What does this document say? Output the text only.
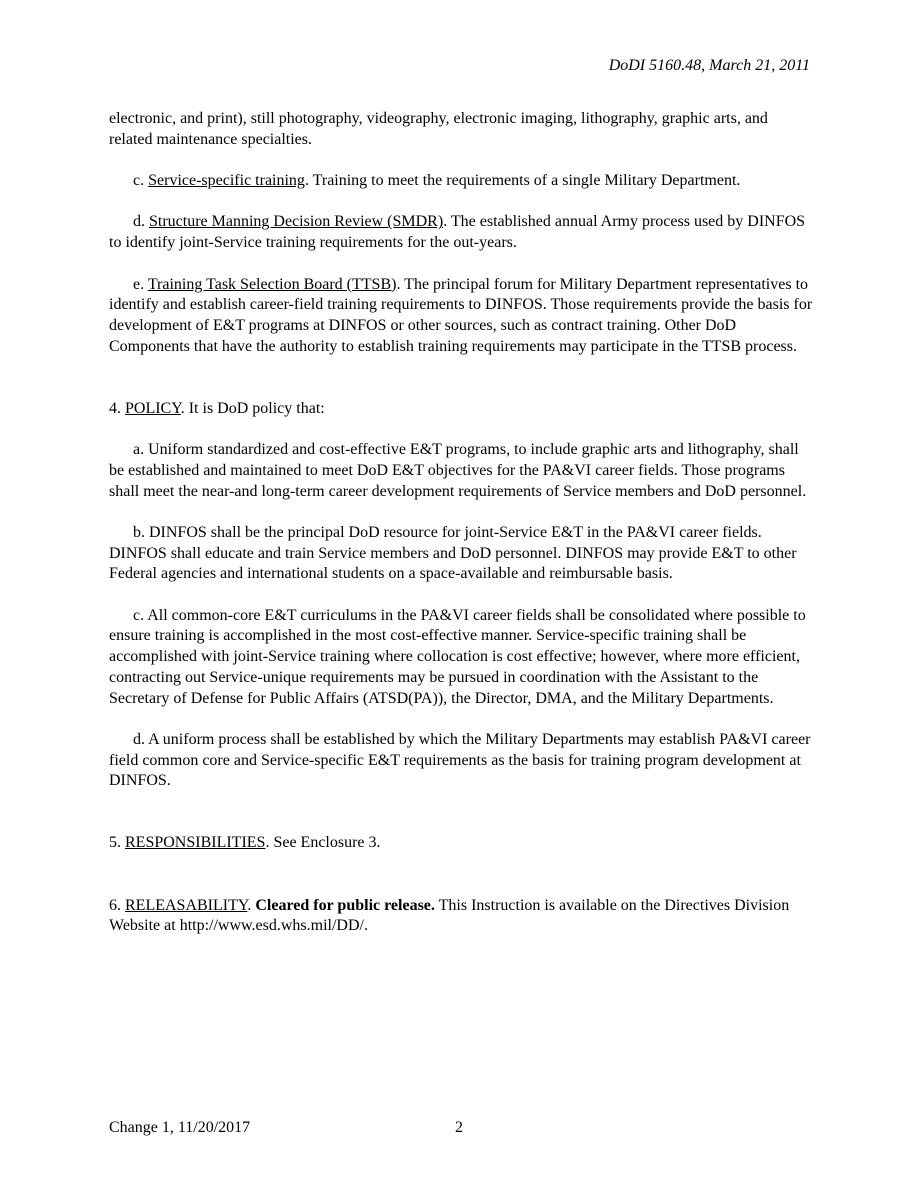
DoDI 5160.48, March 21, 2011

electronic, and print), still photography, videography, electronic imaging, lithography, graphic arts, and related maintenance specialties.

c. Service-specific training. Training to meet the requirements of a single Military Department.

d. Structure Manning Decision Review (SMDR). The established annual Army process used by DINFOS to identify joint-Service training requirements for the out-years.

e. Training Task Selection Board (TTSB). The principal forum for Military Department representatives to identify and establish career-field training requirements to DINFOS. Those requirements provide the basis for development of E&T programs at DINFOS or other sources, such as contract training. Other DoD Components that have the authority to establish training requirements may participate in the TTSB process.

4. POLICY. It is DoD policy that:

a. Uniform standardized and cost-effective E&T programs, to include graphic arts and lithography, shall be established and maintained to meet DoD E&T objectives for the PA&VI career fields. Those programs shall meet the near-and long-term career development requirements of Service members and DoD personnel.

b. DINFOS shall be the principal DoD resource for joint-Service E&T in the PA&VI career fields. DINFOS shall educate and train Service members and DoD personnel. DINFOS may provide E&T to other Federal agencies and international students on a space-available and reimbursable basis.

c. All common-core E&T curriculums in the PA&VI career fields shall be consolidated where possible to ensure training is accomplished in the most cost-effective manner. Service-specific training shall be accomplished with joint-Service training where collocation is cost effective; however, where more efficient, contracting out Service-unique requirements may be pursued in coordination with the Assistant to the Secretary of Defense for Public Affairs (ATSD(PA)), the Director, DMA, and the Military Departments.

d. A uniform process shall be established by which the Military Departments may establish PA&VI career field common core and Service-specific E&T requirements as the basis for training program development at DINFOS.

5. RESPONSIBILITIES. See Enclosure 3.

6. RELEASABILITY. Cleared for public release. This Instruction is available on the Directives Division Website at http://www.esd.whs.mil/DD/.

Change 1, 11/20/2017	2
